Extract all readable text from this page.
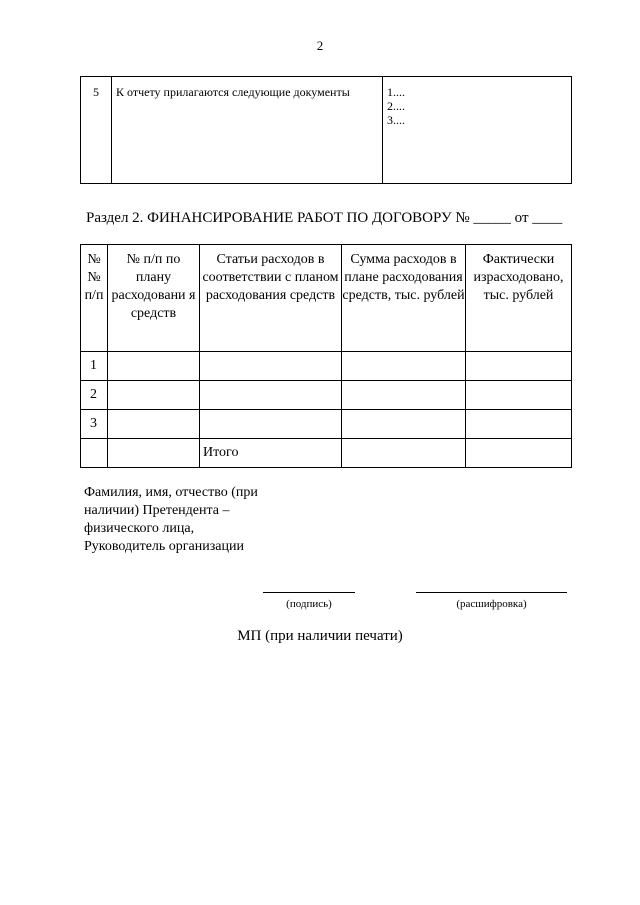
2
5	К отчету прилагаются следующие документы	1....
2....
3....
Раздел 2. ФИНАНСИРОВАНИЕ РАБОТ ПО ДОГОВОРУ № _____ от ____
№ № п/п	№ п/п по плану расходовани я средств	Статьи расходов в соответствии с планом расходования средств	Сумма расходов в плане расходования средств, тыс. рублей	Фактически израсходовано, тыс. рублей
1				
2				
3				
		Итого		
Фамилия, имя, отчество (при наличии) Претендента – физического лица, Руководитель организации
(подпись)	(расшифровка)
МП (при наличии печати)
